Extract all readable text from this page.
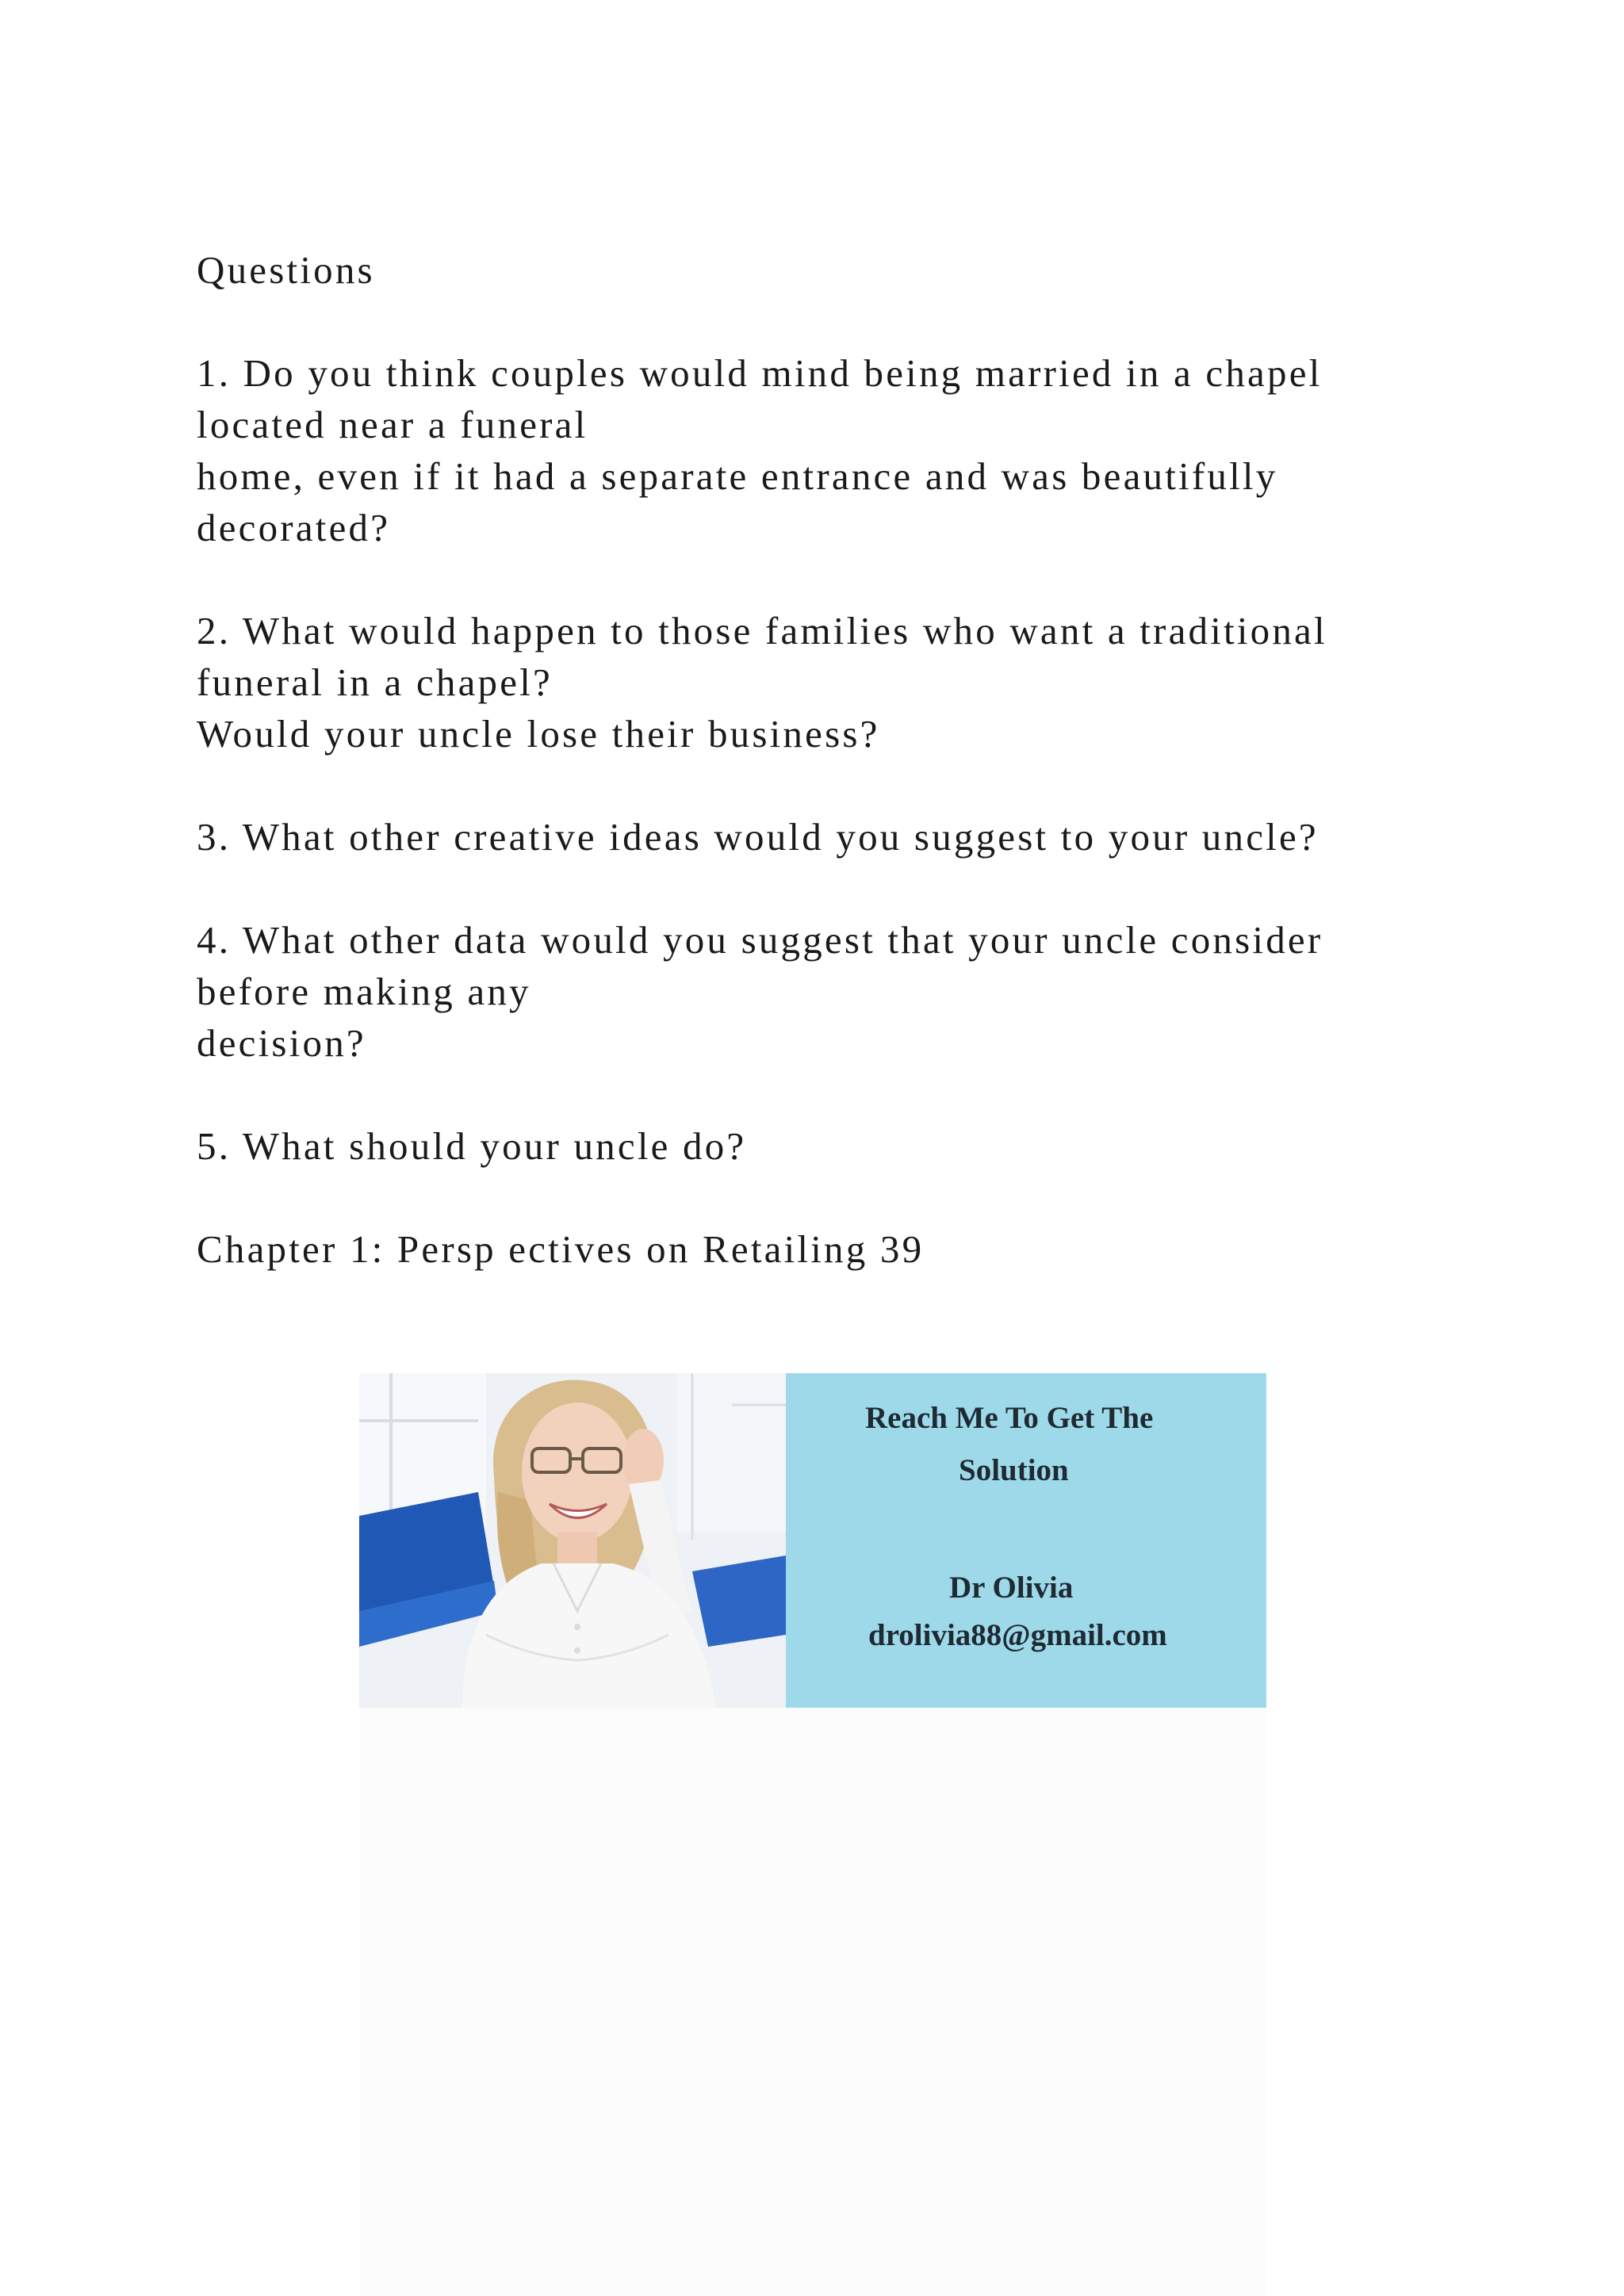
Questions
1. Do you think couples would mind being married in a chapel
located near a funeral
home, even if it had a separate entrance and was beautifully
decorated?
2. What would happen to those families who want a traditional
funeral in a chapel?
Would your uncle lose their business?
3. What other creative ideas would you suggest to your uncle?
4. What other data would you suggest that your uncle consider
before making any
decision?
5. What should your uncle do?
Chapter 1: Persp ectives on Retailing 39
Reach Me To Get The
Solution
Dr Olivia
drolivia88@gmail.com
